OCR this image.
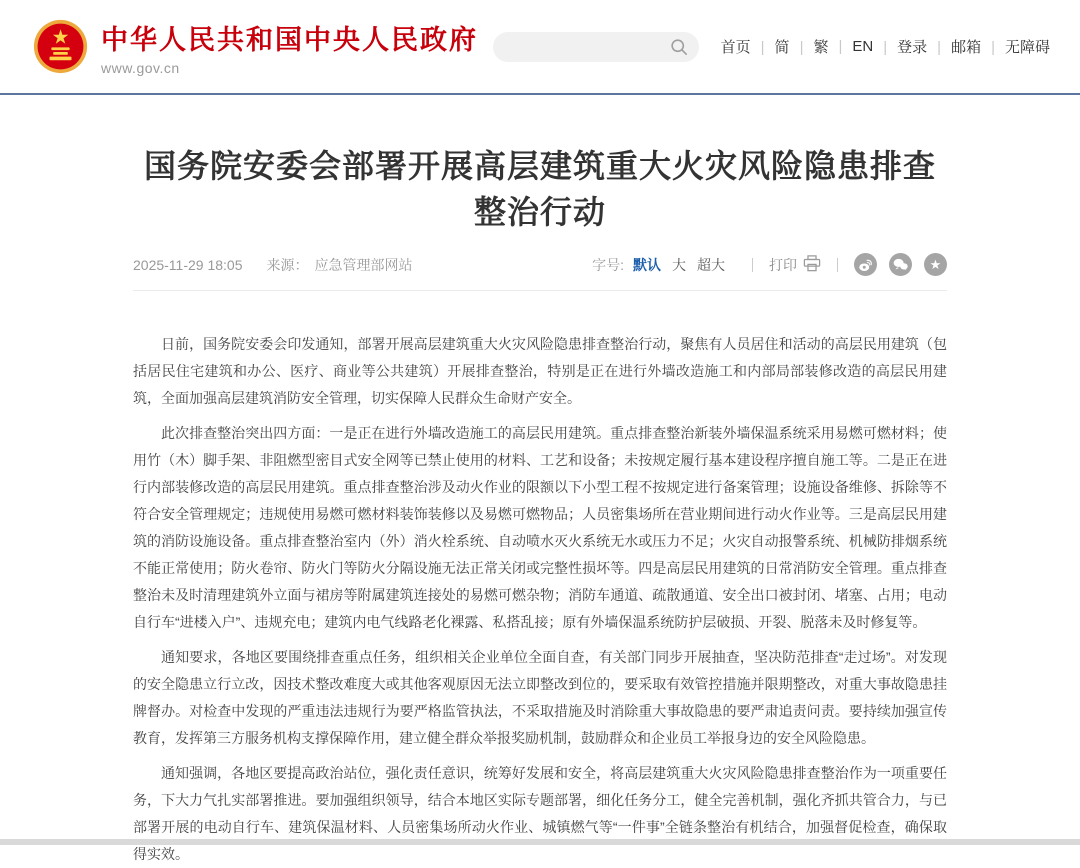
中华人民共和国中央人民政府
www.gov.cn
首页	| 简	| 繁	| EN	| 登录	| 邮箱	| 无障碍
国务院安委会部署开展高层建筑重大火灾风险隐患排查整治行动
2025-11-29 18:05 来源： 应急管理部网站	字号: 默认 大 超大	打印	★

日前，国务院安委会印发通知，部署开展高层建筑重大火灾风险隐患排查整治行动，聚焦有人员居住和活动的高层民用建筑（包括居民住宅建筑和办公、医疗、商业等公共建筑）开展排查整治，特别是正在进行外墙改造施工和内部局部装修改造的高层民用建筑，全面加强高层建筑消防安全管理，切实保障人民群众生命财产安全。

此次排查整治突出四方面：一是正在进行外墙改造施工的高层民用建筑。重点排查整治新装外墙保温系统采用易燃可燃材料；使用竹（木）脚手架、非阻燃型密目式安全网等已禁止使用的材料、工艺和设备；未按规定履行基本建设程序擅自施工等。二是正在进行内部装修改造的高层民用建筑。重点排查整治涉及动火作业的限额以下小型工程不按规定进行备案管理；设施设备维修、拆除等不符合安全管理规定；违规使用易燃可燃材料装饰装修以及易燃可燃物品；人员密集场所在营业期间进行动火作业等。三是高层民用建筑的消防设施设备。重点排查整治室内（外）消火栓系统、自动喷水灭火系统无水或压力不足；火灾自动报警系统、机械防排烟系统不能正常使用；防火卷帘、防火门等防火分隔设施无法正常关闭或完整性损坏等。四是高层民用建筑的日常消防安全管理。重点排查整治未及时清理建筑外立面与裙房等附属建筑连接处的易燃可燃杂物；消防车通道、疏散通道、安全出口被封闭、堵塞、占用；电动自行车“进楼入户”、违规充电；建筑内电气线路老化裸露、私搭乱接；原有外墙保温系统防护层破损、开裂、脱落未及时修复等。

通知要求，各地区要围绕排查重点任务，组织相关企业单位全面自查，有关部门同步开展抽查，坚决防范排查“走过场”。对发现的安全隐患立行立改，因技术整改难度大或其他客观原因无法立即整改到位的，要采取有效管控措施并限期整改，对重大事故隐患挂牌督办。对检查中发现的严重违法违规行为要严格监管执法，不采取措施及时消除重大事故隐患的要严肃追责问责。要持续加强宣传教育，发挥第三方服务机构支撑保障作用，建立健全群众举报奖励机制，鼓励群众和企业员工举报身边的安全风险隐患。

通知强调，各地区要提高政治站位，强化责任意识，统筹好发展和安全，将高层建筑重大火灾风险隐患排查整治作为一项重要任务，下大力气扎实部署推进。要加强组织领导，结合本地区实际专题部署，细化任务分工，健全完善机制，强化齐抓共管合力，与已部署开展的电动自行车、建筑保温材料、人员密集场所动火作业、城镇燃气等“一件事”全链条整治有机结合，加强督促检查，确保取得实效。
